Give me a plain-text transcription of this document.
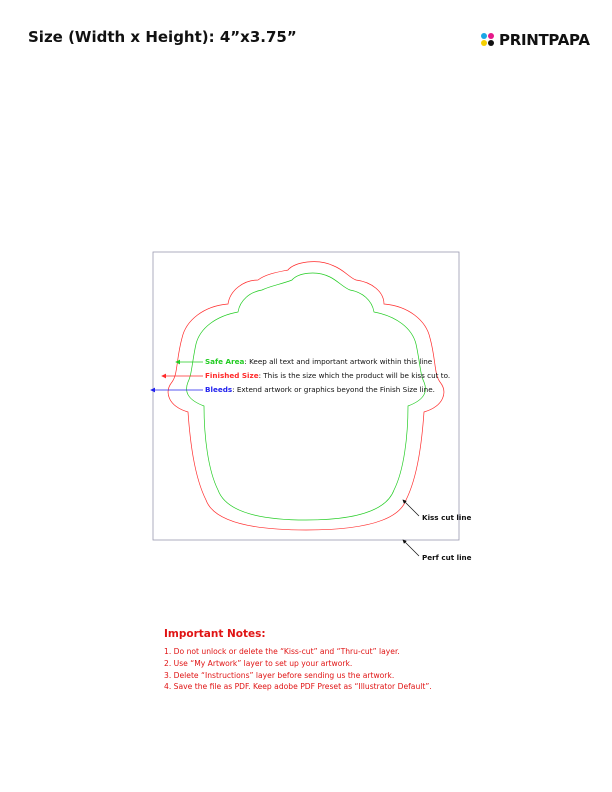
Size (Width x Height): 4”x3.75”	PRINTPAPA
Safe Area: Keep all text and important artwork within this line
Finished Size: This is the size which the product will be kiss cut to.
Bleeds: Extend artwork or graphics beyond the Finish Size line.
Kiss cut line
Perf cut line
Important Notes:
1. Do not unlock or delete the “Kiss-cut” and “Thru-cut” layer.
2. Use “My Artwork” layer to set up your artwork.
3. Delete “Instructions” layer before sending us the artwork.
4. Save the file as PDF. Keep adobe PDF Preset as “Illustrator Default”.
